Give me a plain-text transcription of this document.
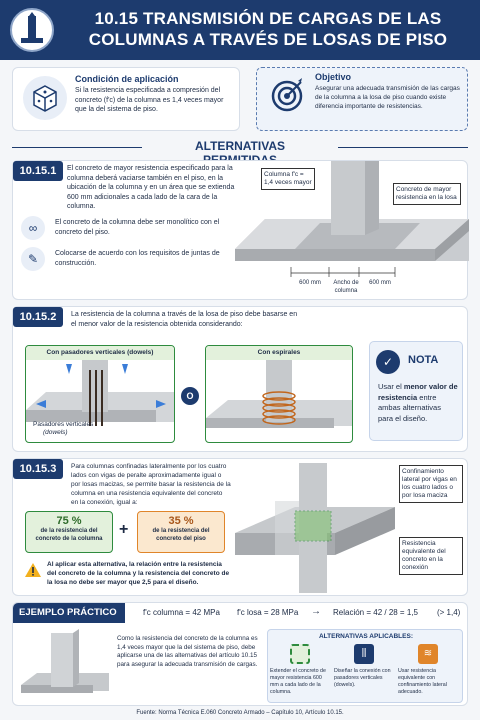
10.15 TRANSMISIÓN DE CARGAS DE LAS COLUMNAS A TRAVÉS DE LOSAS DE PISO
Condición de aplicación
Si la resistencia especificada a compresión del concreto (f'c) de la columna es 1,4 veces mayor que la del sistema de piso.
Objetivo
Asegurar una adecuada transmisión de las cargas de la columna a la losa de piso cuando existe diferencia importante de resistencias.
ALTERNATIVAS
10.15.1	El concreto de mayor resistencia especificado para la columna deberá vaciarse también en el piso, en la ubicación de la columna y en un área que se extienda 600 mm adicionales a cada lado de la cara de la columna.
∞	El concreto de la columna debe ser monolítico con el concreto del piso.
✎	Colocarse de acuerdo con los requisitos de juntas de construcción.
Columna f'c = 1,4 veces mayor
Concreto de mayor resistencia en la losa
600 mm	Ancho de columna
600 mm
10.15.2	La resistencia de la columna a través de la losa de piso debe basarse en el menor valor de la resistencia obtenida considerando:
Con pasadores verticales (dowels)
Pasadores verticales
(dowels)
O
Con espirales
✓	NOTA
Usar el menor valor de resistencia entre ambas alternativas para el diseño.
10.15.3	Para columnas confinadas lateralmente por los cuatro lados con vigas de peralte aproximadamente igual o por losas macizas, se permite basar la resistencia de la columna en una resistencia equivalente del concreto en la conexión, igual a:
75 %
de la resistencia del concreto de la columna
+	35 %
de la resistencia del concreto del piso
Al aplicar esta alternativa, la relación entre la resistencia del concreto de la columna y la resistencia del concreto de la losa no debe ser mayor que 2,5 para el diseño.
Confinamiento lateral por vigas en los cuatro lados o por losa maciza
Resistencia equivalente del concreto en la conexión
EJEMPLO PRÁCTICO	f'c columna = 42 MPa f'c losa = 28 MPa → Relación = 42 / 28 = 1,5 (> 1,4)
Como la resistencia del concreto de la columna es 1,4 veces mayor que la del sistema de piso, debe aplicarse una de las alternativas del artículo 10.15 para asegurar la adecuada transmisión de cargas.
ALTERNATIVAS APLICABLES:
Extender el concreto de mayor resistencia 600 mm a cada lado de la columna.
⫼
Diseñar la conexión con pasadores verticales (dowels).
≋
Usar resistencia equivalente con confinamiento lateral adecuado.
Fuente: Norma Técnica E.060 Concreto Armado – Capítulo 10, Artículo 10.15.
